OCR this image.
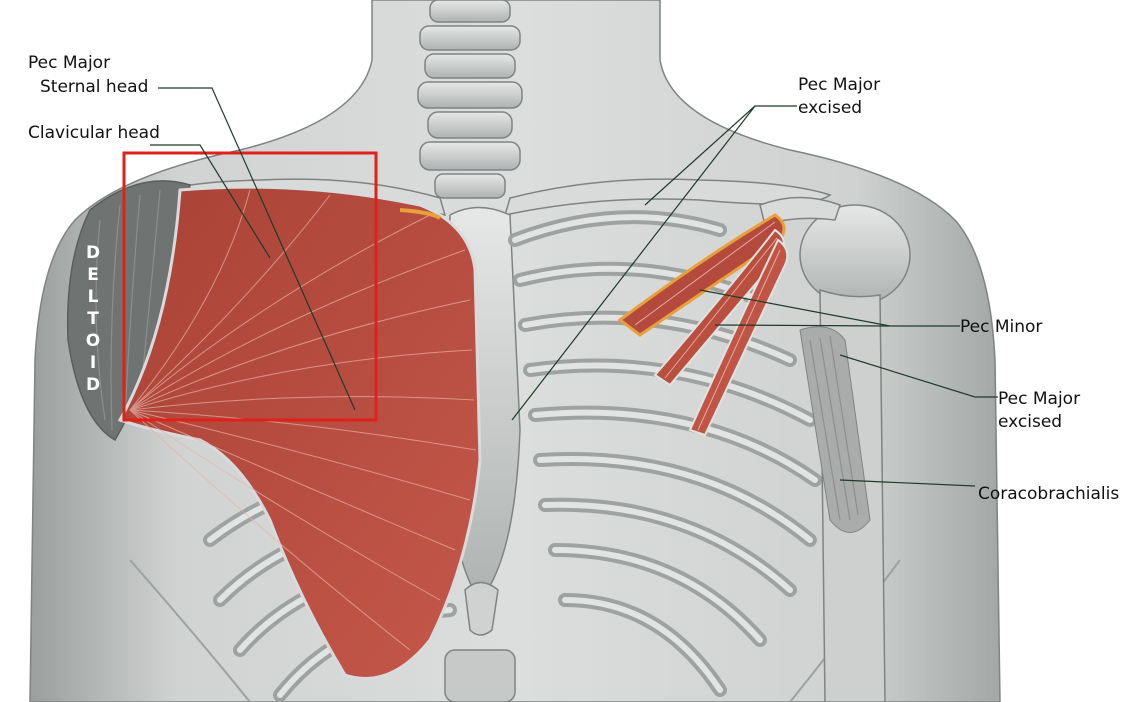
Pec Major
Sternal head
Clavicular head
Pec Major
excised
Pec Minor
Pec Major
excised
Coracobrachialis
D
E
L
T
O
I
D
